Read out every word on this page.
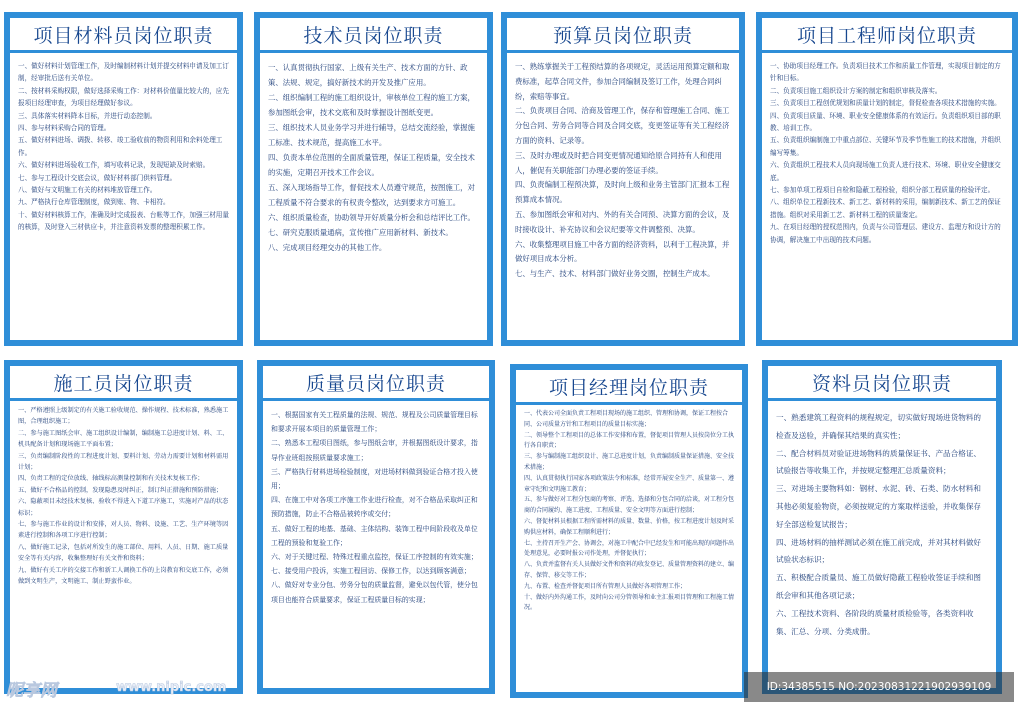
项目材料员岗位职责

一、做好材料计划管理工作，及时编制材料计划并提交材料申请及加工订制，经审批后送有关单位。

二、按材料采购权限，做好选择采购工作：对材料价值量比较大的，应先报项目经理审查，为项目经理做好参议。

三、具体落实材料降本目标，并进行动态控制。

四、参与材料采购合同的管理。

五、做好材料进场、调拨、转移、竣工验收前的物资利用和余料处理工作。

六、做好材料进场验收工作，填写收料记录，发现短缺及时索赔。

七、参与工程设计交底会议，做好材料部门供料管理。

八、做好与文明施工有关的材料堆放管理工作。

九、严格执行仓库管理制度，做到账、物、卡相符。

十、做好材料核算工作，准确及时完成报表、台帐等工作，加强三材用量的核算，及时登入三材供应卡，并注意资料发票的整理积累工作。

技术员岗位职责

一、认真贯彻执行国家、上级有关生产、技术方面的方针、政策、法规、规定，搞好新技术的开发及推广应用。

二、组织编制工程的施工组织设计，审核单位工程的施工方案，参加图纸会审，技术交底和及时掌握设计图纸变更。

三、组织技术人员业务学习并进行辅导，总结交流经验，掌握施工标准、技术规范，提高施工水平。

四、负责本单位范围的全面质量管理，保证工程质量，安全技术的实施，定期召开技术工作会议。

五、深入现场指导工作，督促技术人员遵守规范，按图施工，对工程质量不符合要求的有权责令整改，达到要求方可施工。

六、组织质量检查，协助领导开好质量分析会和总结评比工作。

七、研究克服质量通病，宣传推广应用新材料、新技术。

八、完成项目经理交办的其他工作。

预算员岗位职责

一、熟练掌握关于工程预结算的各项规定，灵活运用预算定额和取费标准，起草合同文件，参加合同编制及签订工作，处理合同纠纷，索赔等事宜。

二、负责项目合同、洽商及管理工作，保存和管理施工合同、施工分包合同、劳务合同等合同及合同交底，变更签证等有关工程经济方面的资料、记录等。

三、及时办理或及时把合同变更情况通知给原合同持有人和使用人，催促有关职能部门办理必要的签证手续。

四、负责编制工程预决算，及时向上级和业务主管部门汇报本工程预算成本情况。

五、参加图纸会审和对内、外的有关合同预、决算方面的会议，及时接收设计、补充协议和会议纪要等文件调整预、决算。

六、收集整理项目施工中各方面的经济资料，以利于工程决算，并做好项目成本分析。

七、与生产、技术、材料部门做好业务交圈，控制生产成本。

项目工程师岗位职责

一、协助项目经理工作。负责项目技术工作和质量工作管理，实现项目制定的方针和目标。

二、负责项目施工组织设计方案的制定和组织审核及落实。

三、负责项目工程创优规划和质量计划的制定，督促检查各项技术措施的实施。

四、负责项目质量、环境、职业安全健康体系的有效运行。负责组织项目部的职教、培训工作。

五、负责组织编制施工中重点部位、关键环节及季节性施工的技术措施，并组织编写筹集。

六、负责组织工程技术人员向现场施工负责人进行技术、环境、职业安全健康交底。

七、参加单项工程项目自检和隐蔽工程检验，组织分部工程质量的检验评定。

八、组织单位工程新技术、新工艺、新材料的采用，编制新技术、新工艺的保证措施。组织对采用新工艺、新材料工程的质量鉴定。

九、在项目经理的授权范围内，负责与公司管理层、建设方、监理方和设计方的协调，解决施工中出现的技术问题。

施工员岗位职责

一、严格遵照上级制定的有关施工验收规范、操作规程、技术标准，熟悉施工图，合理组织施工；

二、参与施工图纸会审、施工组织设计编制，编制施工总进度计划、料、工、机具配备计划和现场施工平面布置；

三、负责编制阶段性的工程进度计划、要料计划、劳动力需要计划和材料需用计划；

四、负责工程的定位放线、轴线标高测量控制和有关技术复核工作；

五、做好不合格品的控制，发现隐患及时纠正，制订纠正措施和预防措施；

六、隐蔽项目未经技术复核、验收不得进入下道工序施工，实施对产品的状态标识；

七、参与施工作业的设计和安排，对人员、物料、设施、工艺、生产环境等因素进行控制和各项工序进行控制；

八、做好施工记录，包括对所发生的施工部位、用料、人员、日期、施工质量安全等有关内容，收集整理好有关文件和资料；

九、做好有关工序的交接工作和新工人调换工作的上岗教育和交底工作，必须做到文明生产，文明施工、制止野蛮作业。

质量员岗位职责

一、根据国家有关工程质量的法规、规范、规程及公司质量管理目标和要求开展本项目的质量管理工作；

二、熟悉本工程项目图纸，参与图纸会审，并根据图纸设计要求，指导作业班组按照质量要求施工；

三、严格执行材料进场检验制度，对进场材料做到验证合格才投入使用；

四、在施工中对各项工序施工作业进行检查，对不合格品采取纠正和预防措施，防止不合格品被转序或交付；

五、做好工程的地基、基础、主体结构、装饰工程中间阶段收及单位工程的预验和复验工作；

六、对于关键过程、特殊过程重点监控，保证工序控制的有效实施；

七、接受用户投诉，实施工程回访、保修工作，以达到顾客满意；

八、做好对专业分包、劳务分包的质量监督，避免以包代管，使分包项目也能符合质量要求，保证工程质量目标的实现；

项目经理岗位职责

一、代表公司全面负责工程项目现场的施工组织、管理和协调，保证工程按合同、公司质量方针和工程项目的质量目标实施；

二、领导整个工程项目的总体工作安排和布置，督促项目管理人员按岗位分工执行各自职责；

三、参与编制施工组织设计、施工总进度计划，负责编制质量保证措施、安全技术措施；

四、认真贯彻执行国家各项政策法令和标准，经常开展安全生产、质量第一、遵章守纪和文明施工教育；

五、参与做好对工程分包商的考察、评选、选择和分包合同的洽谈，对工程分包商的合同履约、施工进度、工程质量、安全文明等方面进行控制；

六、督促材料员根据工程所需材料的质量、数量、价格，按工程进度计划及时采购供应材料，确保工程顺利进行；

七、主持召开生产会、协调会，对施工中配合中已经发生和可能出现的问题作出处理意见，必要时报公司作处理，并督促执行；

八、负责并监督有关人员做好文件和资料的收发登记、质量管理资料的建立、编存、保管、移交等工作；

九、布置、检查并督促项目所有管理人员做好各项管理工作；

十、做好内外沟通工作，及时向公司分管领导和业主汇报项目管理和工程施工情况。

资料员岗位职责

一、熟悉建筑工程资料的规程规定，切实做好现场进货物料的检查及送验，并确保其结果的真实性；

二、配合材料员对验证进场物料的质量保证书、产品合格证、试验报告等收集工作，并按规定整理汇总质量资料；

三、对进场主要物料如：钢材、水泥、砖、石类、防水材料和其他必须复验物资，必须按规定的方案取样送验，并收集保存好全部送检复试报告；

四、进场材料的抽样测试必须在施工前完成，并对其材料做好试验状态标识；

五、积极配合质量员、施工员做好隐蔽工程验收签证手续和图纸会审和其他各项记录；

六、工程技术资料、各阶段的质量材质检验等，各类资料收集、汇总、分项、分类成册。

昵享网	www.nipic.com	ID:34385515 NO:20230831221902939109
